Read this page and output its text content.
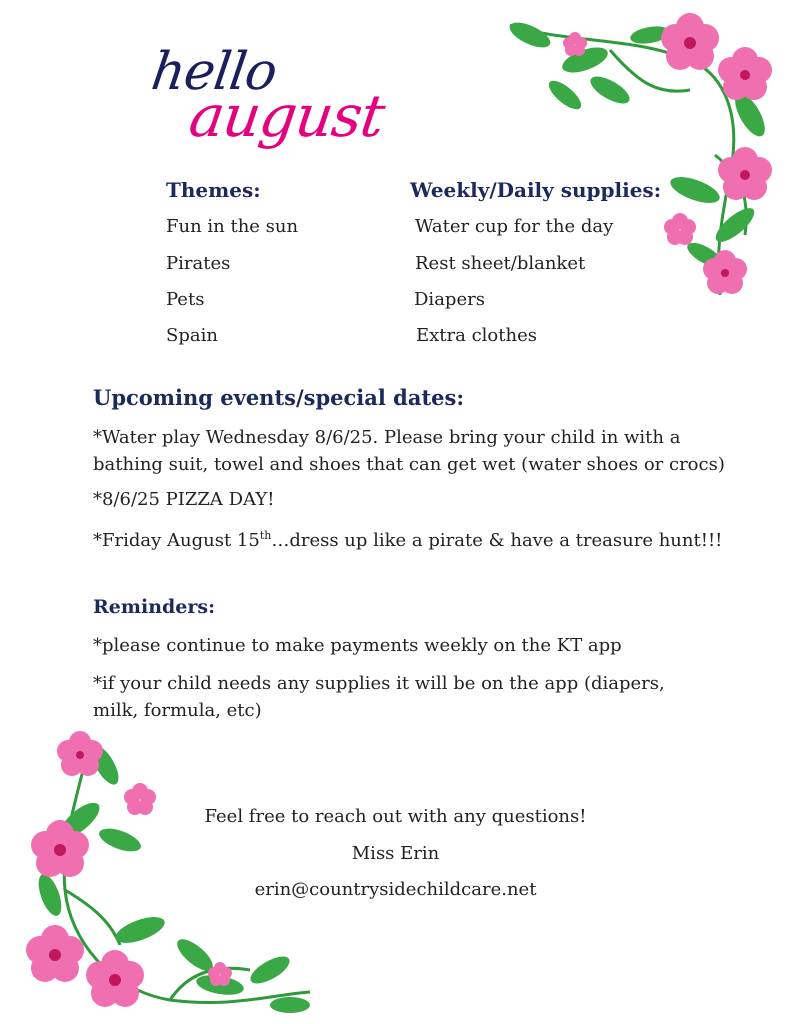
hello
august
Themes:
Fun in the sun
Pirates
Pets
Spain
Weekly/Daily supplies:
Water cup for the day
Rest sheet/blanket
Diapers
Extra clothes
Upcoming events/special dates:
*Water play Wednesday 8/6/25. Please bring your child in with a bathing suit, towel and shoes that can get wet (water shoes or crocs)
*8/6/25 PIZZA DAY!
*Friday August 15th…dress up like a pirate & have a treasure hunt!!!
Reminders:
*please continue to make payments weekly on the KT app
*if your child needs any supplies it will be on the app (diapers, milk, formula, etc)
Feel free to reach out with any questions!
Miss Erin
erin@countrysidechildcare.net
